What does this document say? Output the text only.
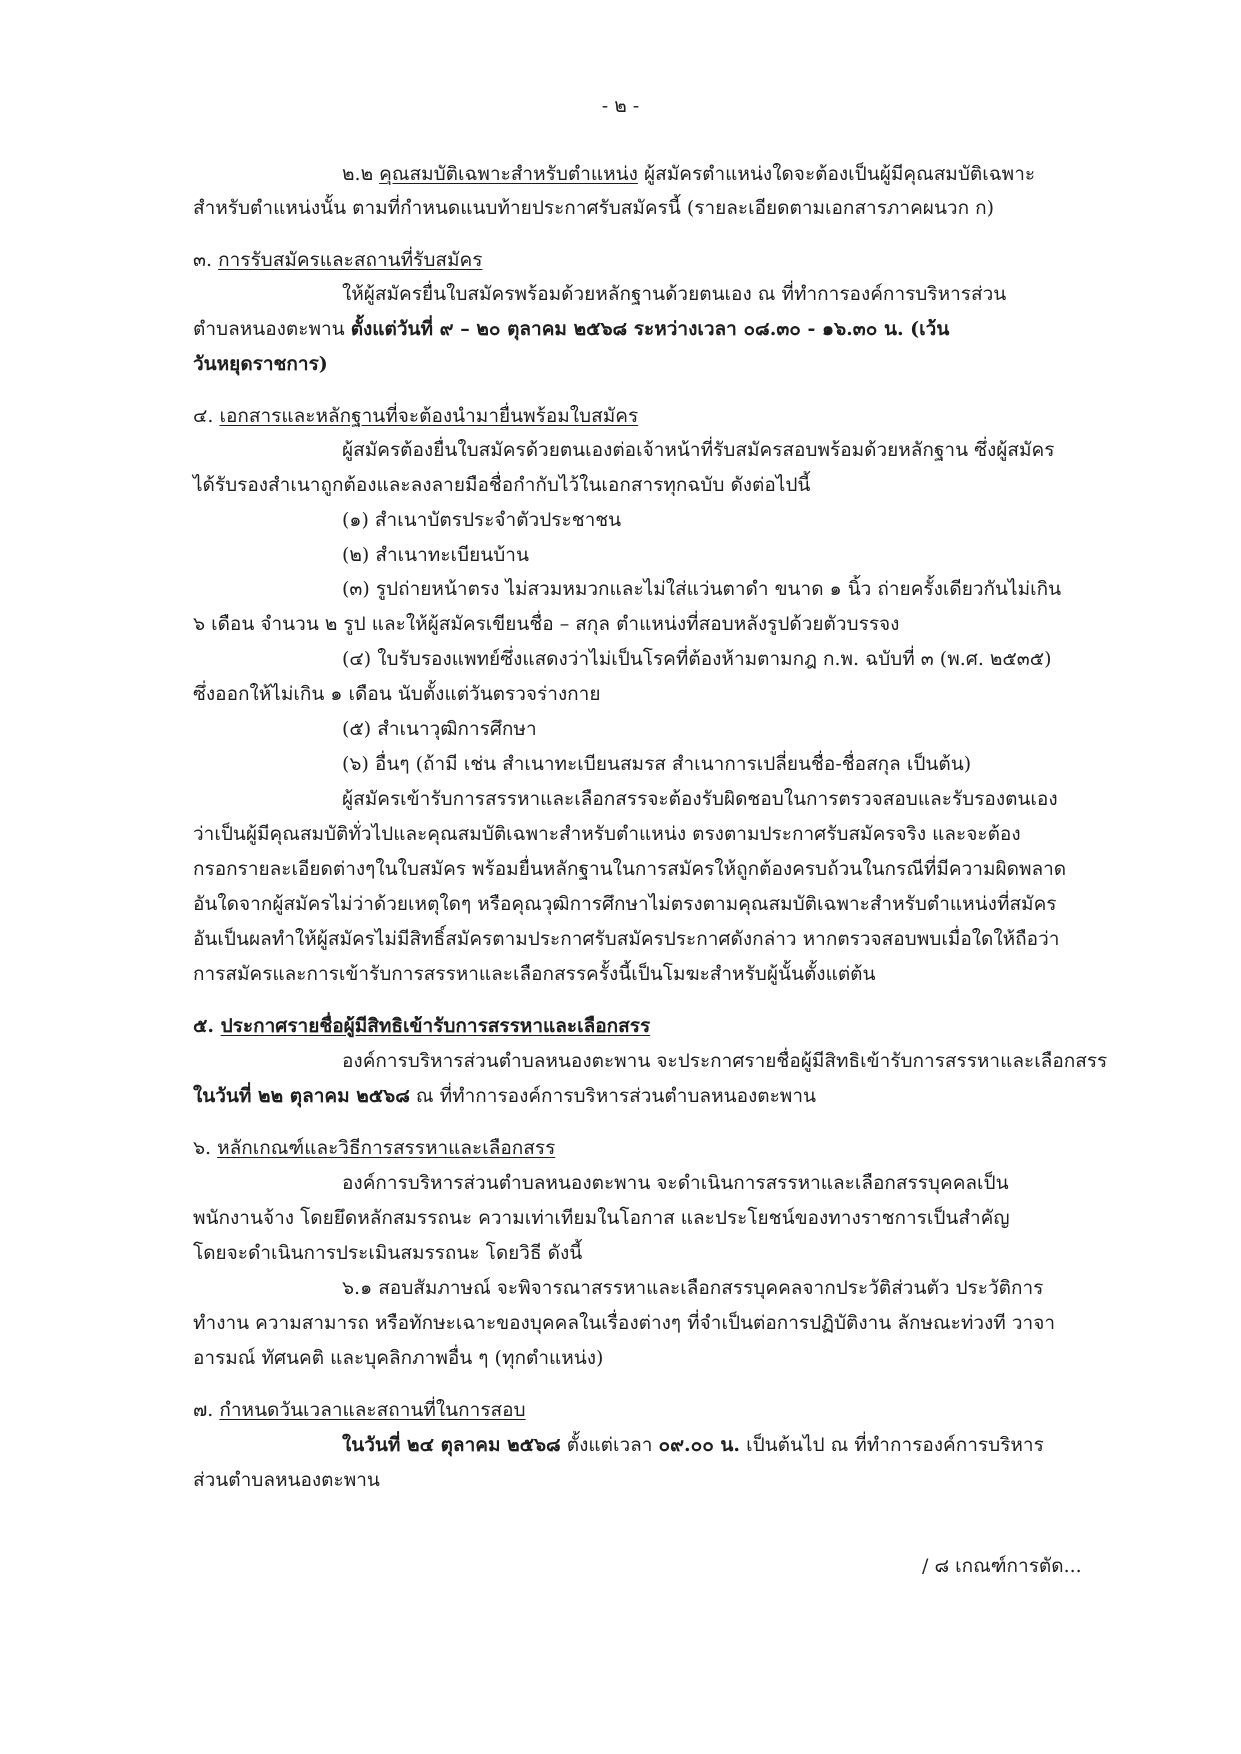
- ๒ -
๒.๒ คุณสมบัติเฉพาะสำหรับตำแหน่ง ผู้สมัครตำแหน่งใดจะต้องเป็นผู้มีคุณสมบัติเฉพาะ
สำหรับตำแหน่งนั้น ตามที่กำหนดแนบท้ายประกาศรับสมัครนี้ (รายละเอียดตามเอกสารภาคผนวก ก)
๓. การรับสมัครและสถานที่รับสมัคร
ให้ผู้สมัครยื่นใบสมัครพร้อมด้วยหลักฐานด้วยตนเอง ณ ที่ทำการองค์การบริหารส่วน
ตำบลหนองตะพาน ตั้งแต่วันที่ ๙ – ๒๐ ตุลาคม ๒๕๖๘ ระหว่างเวลา ๐๘.๓๐ - ๑๖.๓๐ น. (เว้น
วันหยุดราชการ)
๔. เอกสารและหลักฐานที่จะต้องนำมายื่นพร้อมใบสมัคร
ผู้สมัครต้องยื่นใบสมัครด้วยตนเองต่อเจ้าหน้าที่รับสมัครสอบพร้อมด้วยหลักฐาน ซึ่งผู้สมัคร
ได้รับรองสำเนาถูกต้องและลงลายมือชื่อกำกับไว้ในเอกสารทุกฉบับ ดังต่อไปนี้
(๑) สำเนาบัตรประจำตัวประชาชน
(๒) สำเนาทะเบียนบ้าน
(๓) รูปถ่ายหน้าตรง ไม่สวมหมวกและไม่ใส่แว่นตาดำ ขนาด ๑ นิ้ว ถ่ายครั้งเดียวกันไม่เกิน
๖ เดือน จำนวน ๒ รูป และให้ผู้สมัครเขียนชื่อ – สกุล ตำแหน่งที่สอบหลังรูปด้วยตัวบรรจง
(๔) ใบรับรองแพทย์ซึ่งแสดงว่าไม่เป็นโรคที่ต้องห้ามตามกฎ ก.พ. ฉบับที่ ๓ (พ.ศ. ๒๕๓๕)
ซึ่งออกให้ไม่เกิน ๑ เดือน นับตั้งแต่วันตรวจร่างกาย
(๕) สำเนาวุฒิการศึกษา
(๖) อื่นๆ (ถ้ามี เช่น สำเนาทะเบียนสมรส สำเนาการเปลี่ยนชื่อ-ชื่อสกุล เป็นต้น)
ผู้สมัครเข้ารับการสรรหาและเลือกสรรจะต้องรับผิดชอบในการตรวจสอบและรับรองตนเอง
ว่าเป็นผู้มีคุณสมบัติทั่วไปและคุณสมบัติเฉพาะสำหรับตำแหน่ง ตรงตามประกาศรับสมัครจริง และจะต้อง
กรอกรายละเอียดต่างๆในใบสมัคร พร้อมยื่นหลักฐานในการสมัครให้ถูกต้องครบถ้วนในกรณีที่มีความผิดพลาด
อันใดจากผู้สมัครไม่ว่าด้วยเหตุใดๆ หรือคุณวุฒิการศึกษาไม่ตรงตามคุณสมบัติเฉพาะสำหรับตำแหน่งที่สมัคร
อันเป็นผลทำให้ผู้สมัครไม่มีสิทธิ์สมัครตามประกาศรับสมัครประกาศดังกล่าว หากตรวจสอบพบเมื่อใดให้ถือว่า
การสมัครและการเข้ารับการสรรหาและเลือกสรรครั้งนี้เป็นโมฆะสำหรับผู้นั้นตั้งแต่ต้น
๕. ประกาศรายชื่อผู้มีสิทธิเข้ารับการสรรหาและเลือกสรร
องค์การบริหารส่วนตำบลหนองตะพาน จะประกาศรายชื่อผู้มีสิทธิเข้ารับการสรรหาและเลือกสรร
ในวันที่ ๒๒ ตุลาคม ๒๕๖๘ ณ ที่ทำการองค์การบริหารส่วนตำบลหนองตะพาน
๖. หลักเกณฑ์และวิธีการสรรหาและเลือกสรร
องค์การบริหารส่วนตำบลหนองตะพาน จะดำเนินการสรรหาและเลือกสรรบุคคลเป็น
พนักงานจ้าง โดยยึดหลักสมรรถนะ ความเท่าเทียมในโอกาส และประโยชน์ของทางราชการเป็นสำคัญ
โดยจะดำเนินการประเมินสมรรถนะ โดยวิธี ดังนี้
๖.๑ สอบสัมภาษณ์ จะพิจารณาสรรหาและเลือกสรรบุคคลจากประวัติส่วนตัว ประวัติการ
ทำงาน ความสามารถ หรือทักษะเฉาะของบุคคลในเรื่องต่างๆ ที่จำเป็นต่อการปฏิบัติงาน ลักษณะท่วงที วาจา
อารมณ์ ทัศนคติ และบุคลิกภาพอื่น ๆ (ทุกตำแหน่ง)
๗. กำหนดวันเวลาและสถานที่ในการสอบ
ในวันที่ ๒๔ ตุลาคม ๒๕๖๘ ตั้งแต่เวลา ๐๙.๐๐ น. เป็นต้นไป ณ ที่ทำการองค์การบริหาร
ส่วนตำบลหนองตะพาน
/ ๘ เกณฑ์การตัด...
